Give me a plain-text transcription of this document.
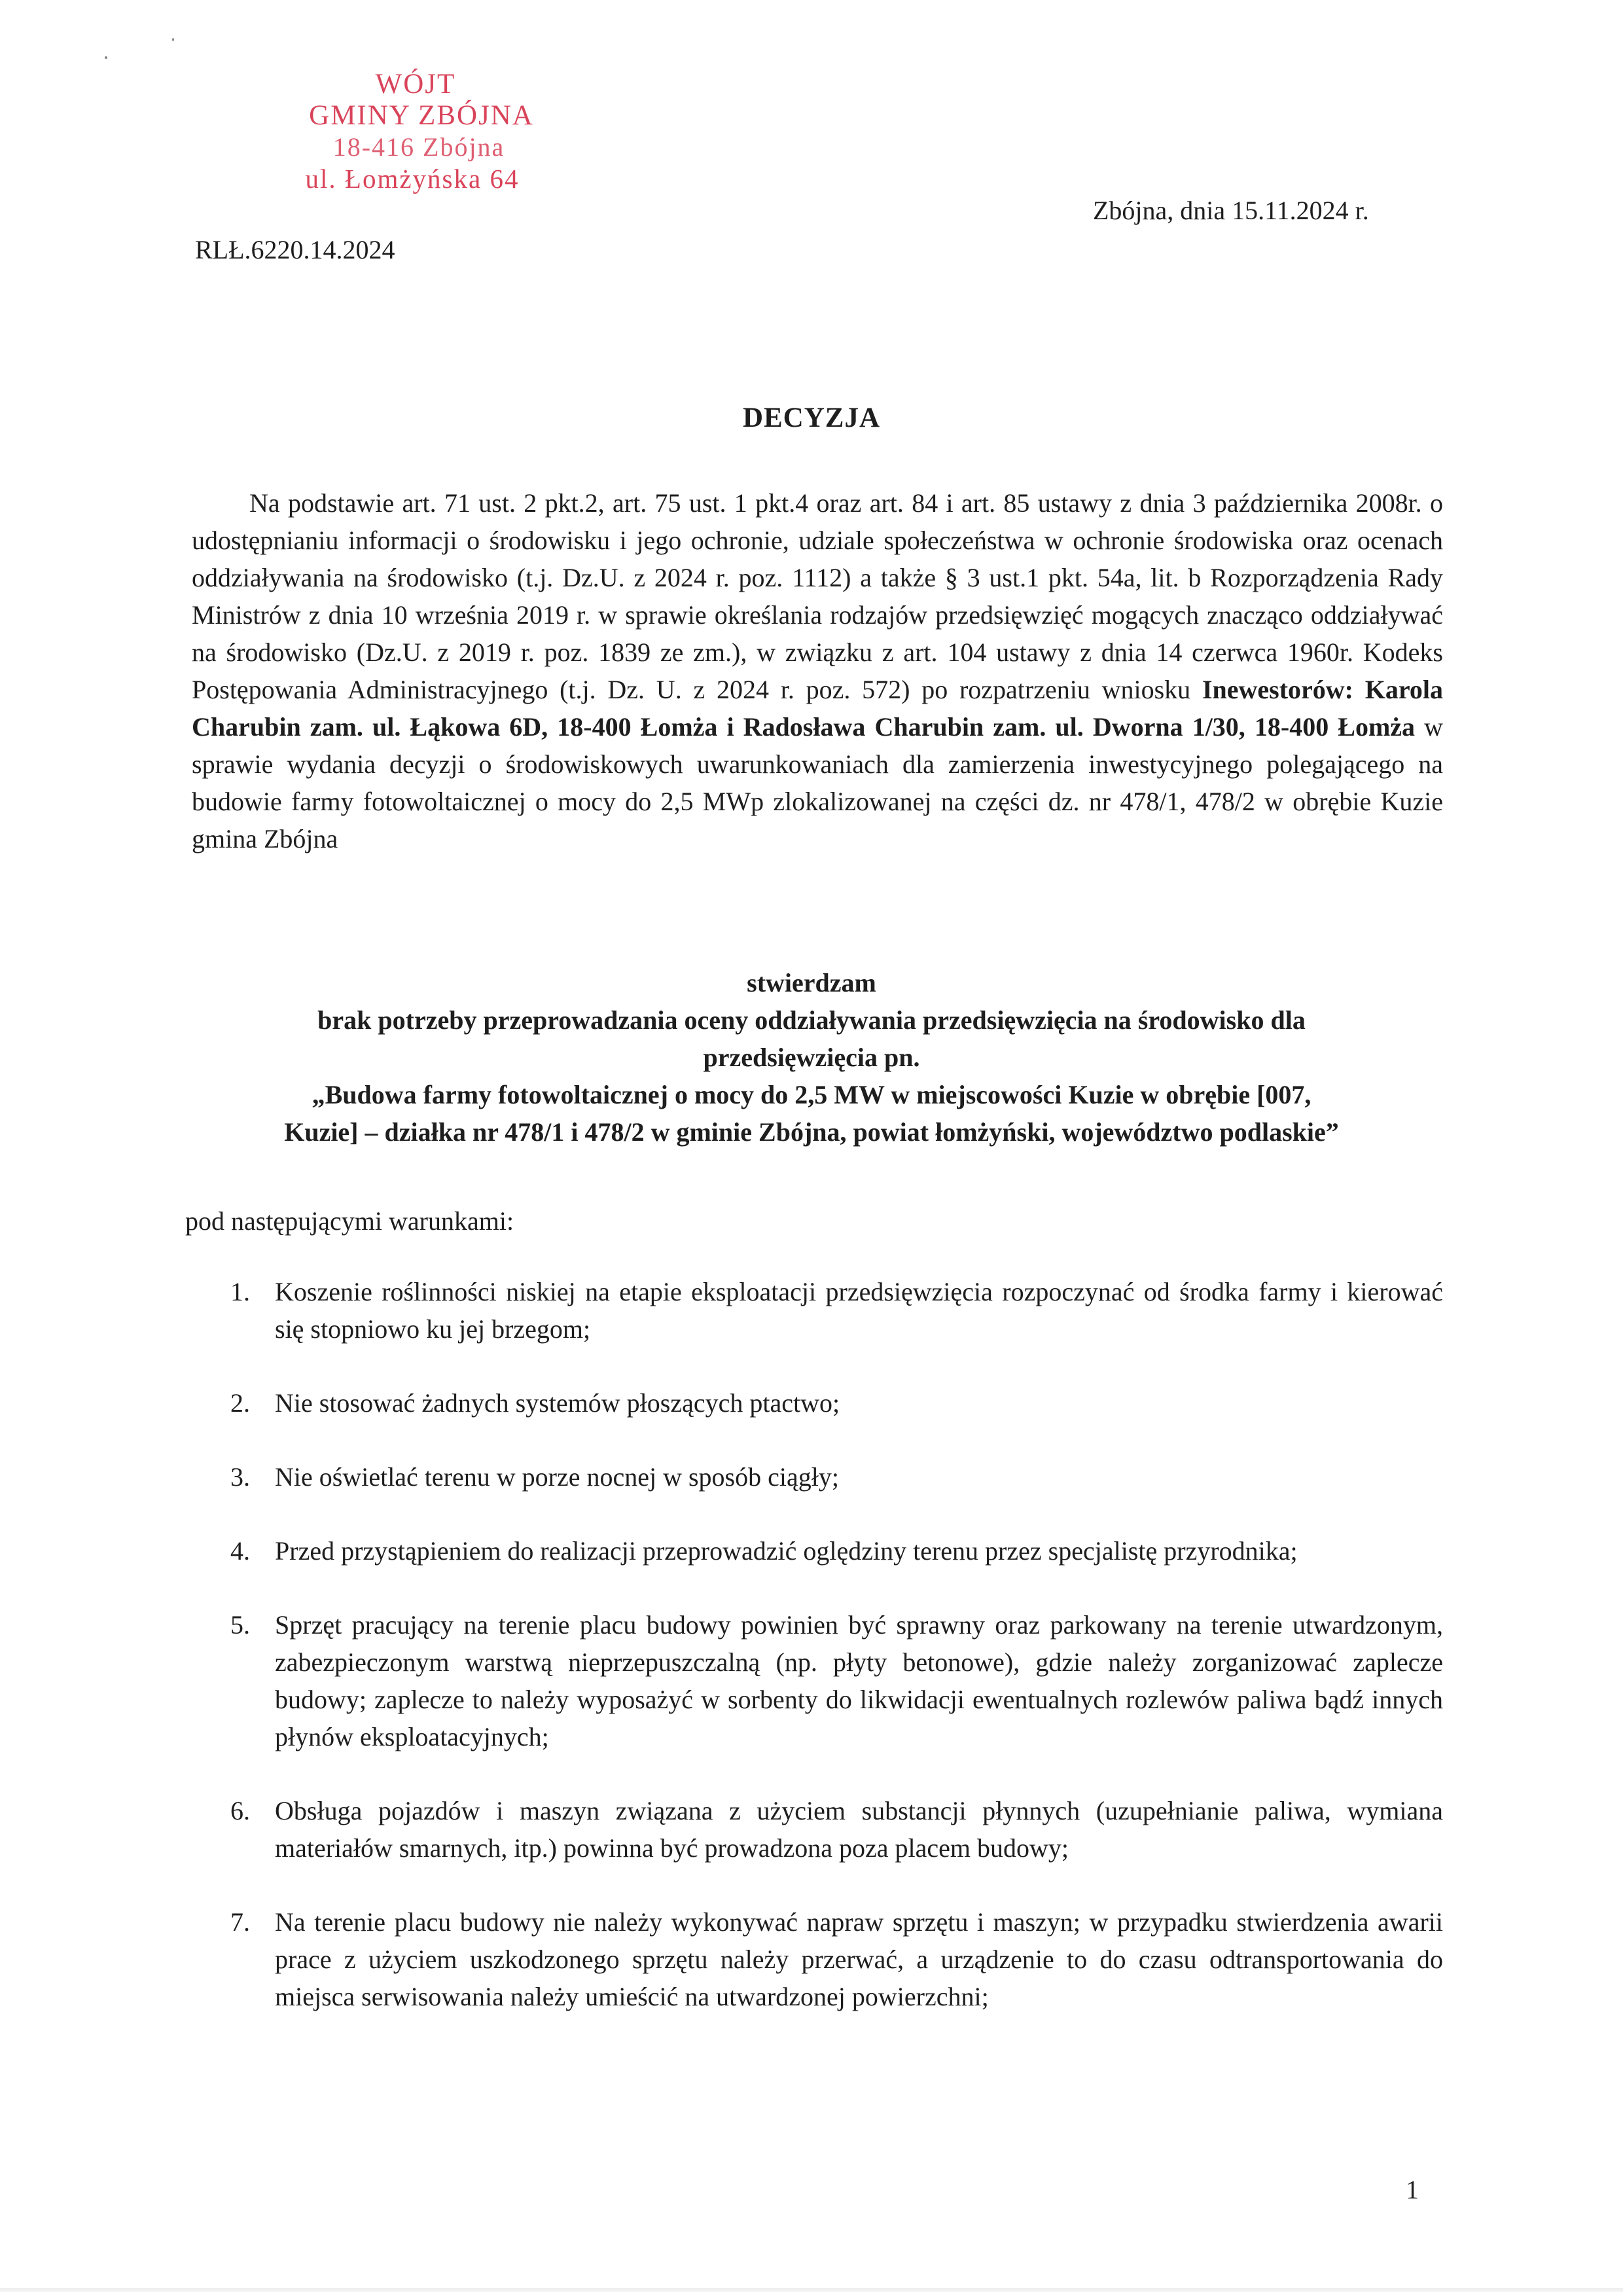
WÓJT
GMINY ZBÓJNA
18-416 Zbójna
ul. Łomżyńska 64
Zbójna, dnia 15.11.2024 r.
RLŁ.6220.14.2024
DECYZJA

Na podstawie art. 71 ust. 2 pkt.2, art. 75 ust. 1 pkt.4 oraz art. 84 i art. 85 ustawy z dnia 3 października 2008r. o udostępnianiu informacji o środowisku i jego ochronie, udziale społeczeństwa w ochronie środowiska oraz ocenach oddziaływania na środowisko (t.j. Dz.U. z 2024 r. poz. 1112) a także § 3 ust.1 pkt. 54a, lit. b Rozporządzenia Rady Ministrów z dnia 10 września 2019 r. w sprawie określania rodzajów przedsięwzięć mogących znacząco oddziaływać na środowisko (Dz.U. z 2019 r. poz. 1839 ze zm.), w związku z art. 104 ustawy z dnia 14 czerwca 1960r. Kodeks Postępowania Administracyjnego (t.j. Dz. U. z 2024 r. poz. 572) po rozpatrzeniu wniosku Inewestorów: Karola Charubin zam. ul. Łąkowa 6D, 18-400 Łomża i Radosława Charubin zam. ul. Dworna 1/30, 18-400 Łomża w sprawie wydania decyzji o środowiskowych uwarunkowaniach dla zamierzenia inwestycyjnego polegającego na budowie farmy fotowoltaicznej o mocy do 2,5 MWp zlokalizowanej na części dz. nr 478/1, 478/2 w obrębie Kuzie gmina Zbójna

stwierdzam
brak potrzeby przeprowadzania oceny oddziaływania przedsięwzięcia na środowisko dla
przedsięwzięcia pn.
„Budowa farmy fotowoltaicznej o mocy do 2,5 MW w miejscowości Kuzie w obrębie [007,
Kuzie] – działka nr 478/1 i 478/2 w gminie Zbójna, powiat łomżyński, województwo podlaskie”
pod następującymi warunkami:
1. Koszenie roślinności niskiej na etapie eksploatacji przedsięwzięcia rozpoczynać od środka farmy i kierować się stopniowo ku jej brzegom;
2. Nie stosować żadnych systemów płoszących ptactwo;
3. Nie oświetlać terenu w porze nocnej w sposób ciągły;
4. Przed przystąpieniem do realizacji przeprowadzić oględziny terenu przez specjalistę przyrodnika;
5. Sprzęt pracujący na terenie placu budowy powinien być sprawny oraz parkowany na terenie utwardzonym, zabezpieczonym warstwą nieprzepuszczalną (np. płyty betonowe), gdzie należy zorganizować zaplecze budowy; zaplecze to należy wyposażyć w sorbenty do likwidacji ewentualnych rozlewów paliwa bądź innych płynów eksploatacyjnych;
6. Obsługa pojazdów i maszyn związana z użyciem substancji płynnych (uzupełnianie paliwa, wymiana materiałów smarnych, itp.) powinna być prowadzona poza placem budowy;
7. Na terenie placu budowy nie należy wykonywać napraw sprzętu i maszyn; w przypadku stwierdzenia awarii prace z użyciem uszkodzonego sprzętu należy przerwać, a urządzenie to do czasu odtransportowania do miejsca serwisowania należy umieścić na utwardzonej powierzchni;
1
